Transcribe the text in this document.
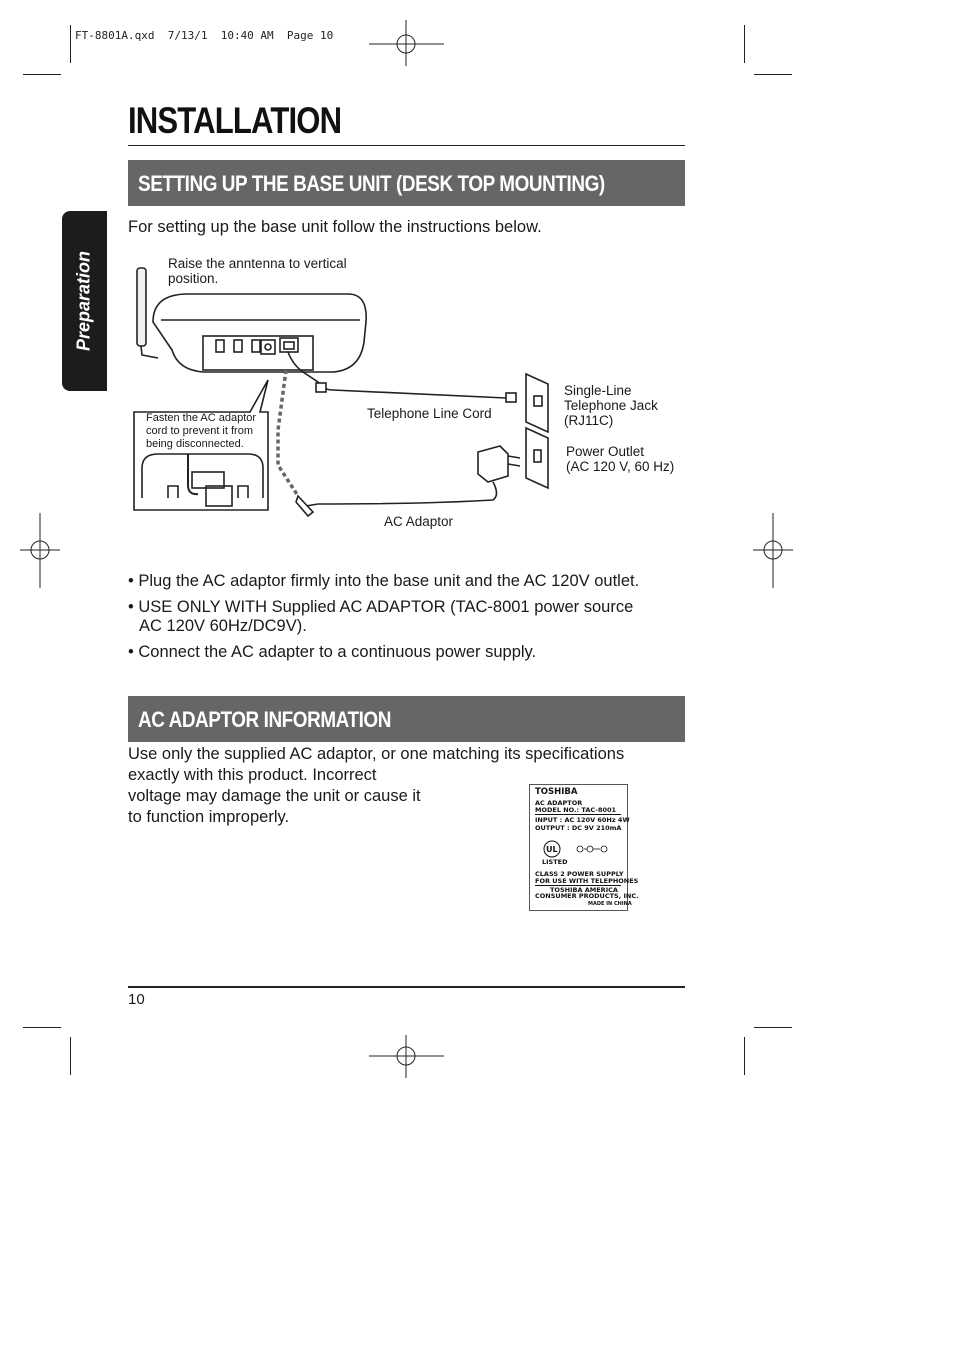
FT-8801A.qxd  7/13/1  10:40 AM  Page 10
INSTALLATION
Preparation
SETTING UP THE BASE UNIT (DESK TOP MOUNTING)
For setting up the base unit follow the instructions below.
Raise the anntenna to vertical
position.
Fasten the AC adaptor
cord to prevent it from
being disconnected.
Telephone Line Cord
Single-Line
Telephone Jack
(RJ11C)
Power Outlet
(AC 120 V, 60 Hz)
AC Adaptor
• Plug the AC adaptor firmly into the base unit and the AC 120V outlet.
• USE ONLY WITH Supplied AC ADAPTOR (TAC-8001 power source
AC 120V 60Hz/DC9V).
• Connect the AC adapter to a continuous power supply.
AC ADAPTOR INFORMATION
Use only the supplied AC adaptor, or one matching its specifications
exactly with this product. Incorrect
voltage may damage the unit or cause it
to function improperly.
TOSHIBA
AC ADAPTOR
MODEL NO.: TAC-8001
INPUT : AC 120V 60Hz 4W
OUTPUT : DC 9V 210mA
UL
LISTED
CLASS 2 POWER SUPPLY
FOR USE WITH TELEPHONES
TOSHIBA AMERICA
CONSUMER PRODUCTS, INC.
MADE IN CHINA
10
